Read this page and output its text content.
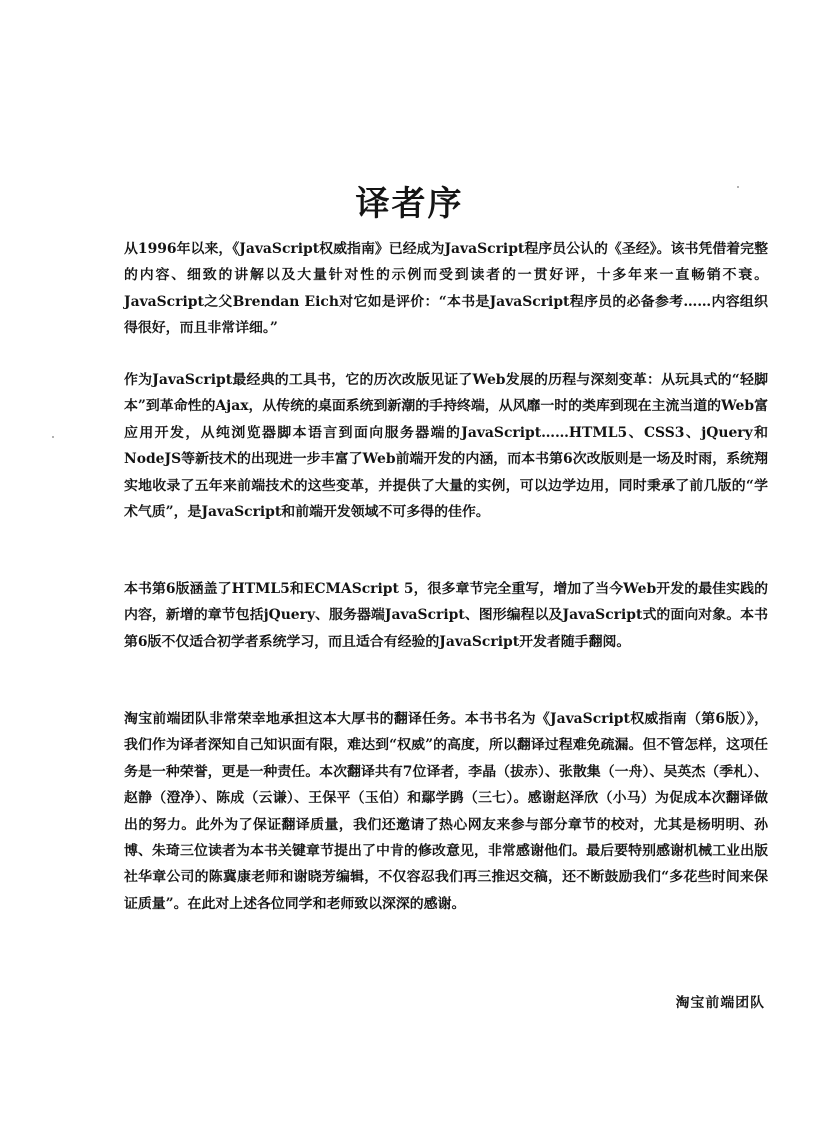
译者序

从1996年以来，《JavaScript权威指南》已经成为JavaScript程序员公认的《圣经》。该书凭借着完整的内容、细致的讲解以及大量针对性的示例而受到读者的一贯好评，十多年来一直畅销不衰。JavaScript之父Brendan Eich对它如是评价：“本书是JavaScript程序员的必备参考……内容组织得很好，而且非常详细。”

作为JavaScript最经典的工具书，它的历次改版见证了Web发展的历程与深刻变革：从玩具式的“轻脚本”到革命性的Ajax，从传统的桌面系统到新潮的手持终端，从风靡一时的类库到现在主流当道的Web富应用开发，从纯浏览器脚本语言到面向服务器端的JavaScript……HTML5、CSS3、jQuery和NodeJS等新技术的出现进一步丰富了Web前端开发的内涵，而本书第6次改版则是一场及时雨，系统翔实地收录了五年来前端技术的这些变革，并提供了大量的实例，可以边学边用，同时秉承了前几版的“学术气质”，是JavaScript和前端开发领域不可多得的佳作。

本书第6版涵盖了HTML5和ECMAScript 5，很多章节完全重写，增加了当今Web开发的最佳实践的内容，新增的章节包括jQuery、服务器端JavaScript、图形编程以及JavaScript式的面向对象。本书第6版不仅适合初学者系统学习，而且适合有经验的JavaScript开发者随手翻阅。

淘宝前端团队非常荣幸地承担这本大厚书的翻译任务。本书书名为《JavaScript权威指南（第6版）》，我们作为译者深知自己知识面有限，难达到“权威”的高度，所以翻译过程难免疏漏。但不管怎样，这项任务是一种荣誉，更是一种责任。本次翻译共有7位译者，李晶（拔赤）、张散集（一舟）、吴英杰（季札）、赵静（澄净）、陈成（云谦）、王保平（玉伯）和鄢学鹍（三七）。感谢赵泽欣（小马）为促成本次翻译做出的努力。此外为了保证翻译质量，我们还邀请了热心网友来参与部分章节的校对，尤其是杨明明、孙博、朱琦三位读者为本书关键章节提出了中肯的修改意见，非常感谢他们。最后要特别感谢机械工业出版社华章公司的陈冀康老师和谢晓芳编辑，不仅容忍我们再三推迟交稿，还不断鼓励我们“多花些时间来保证质量”。在此对上述各位同学和老师致以深深的感谢。

淘宝前端团队
